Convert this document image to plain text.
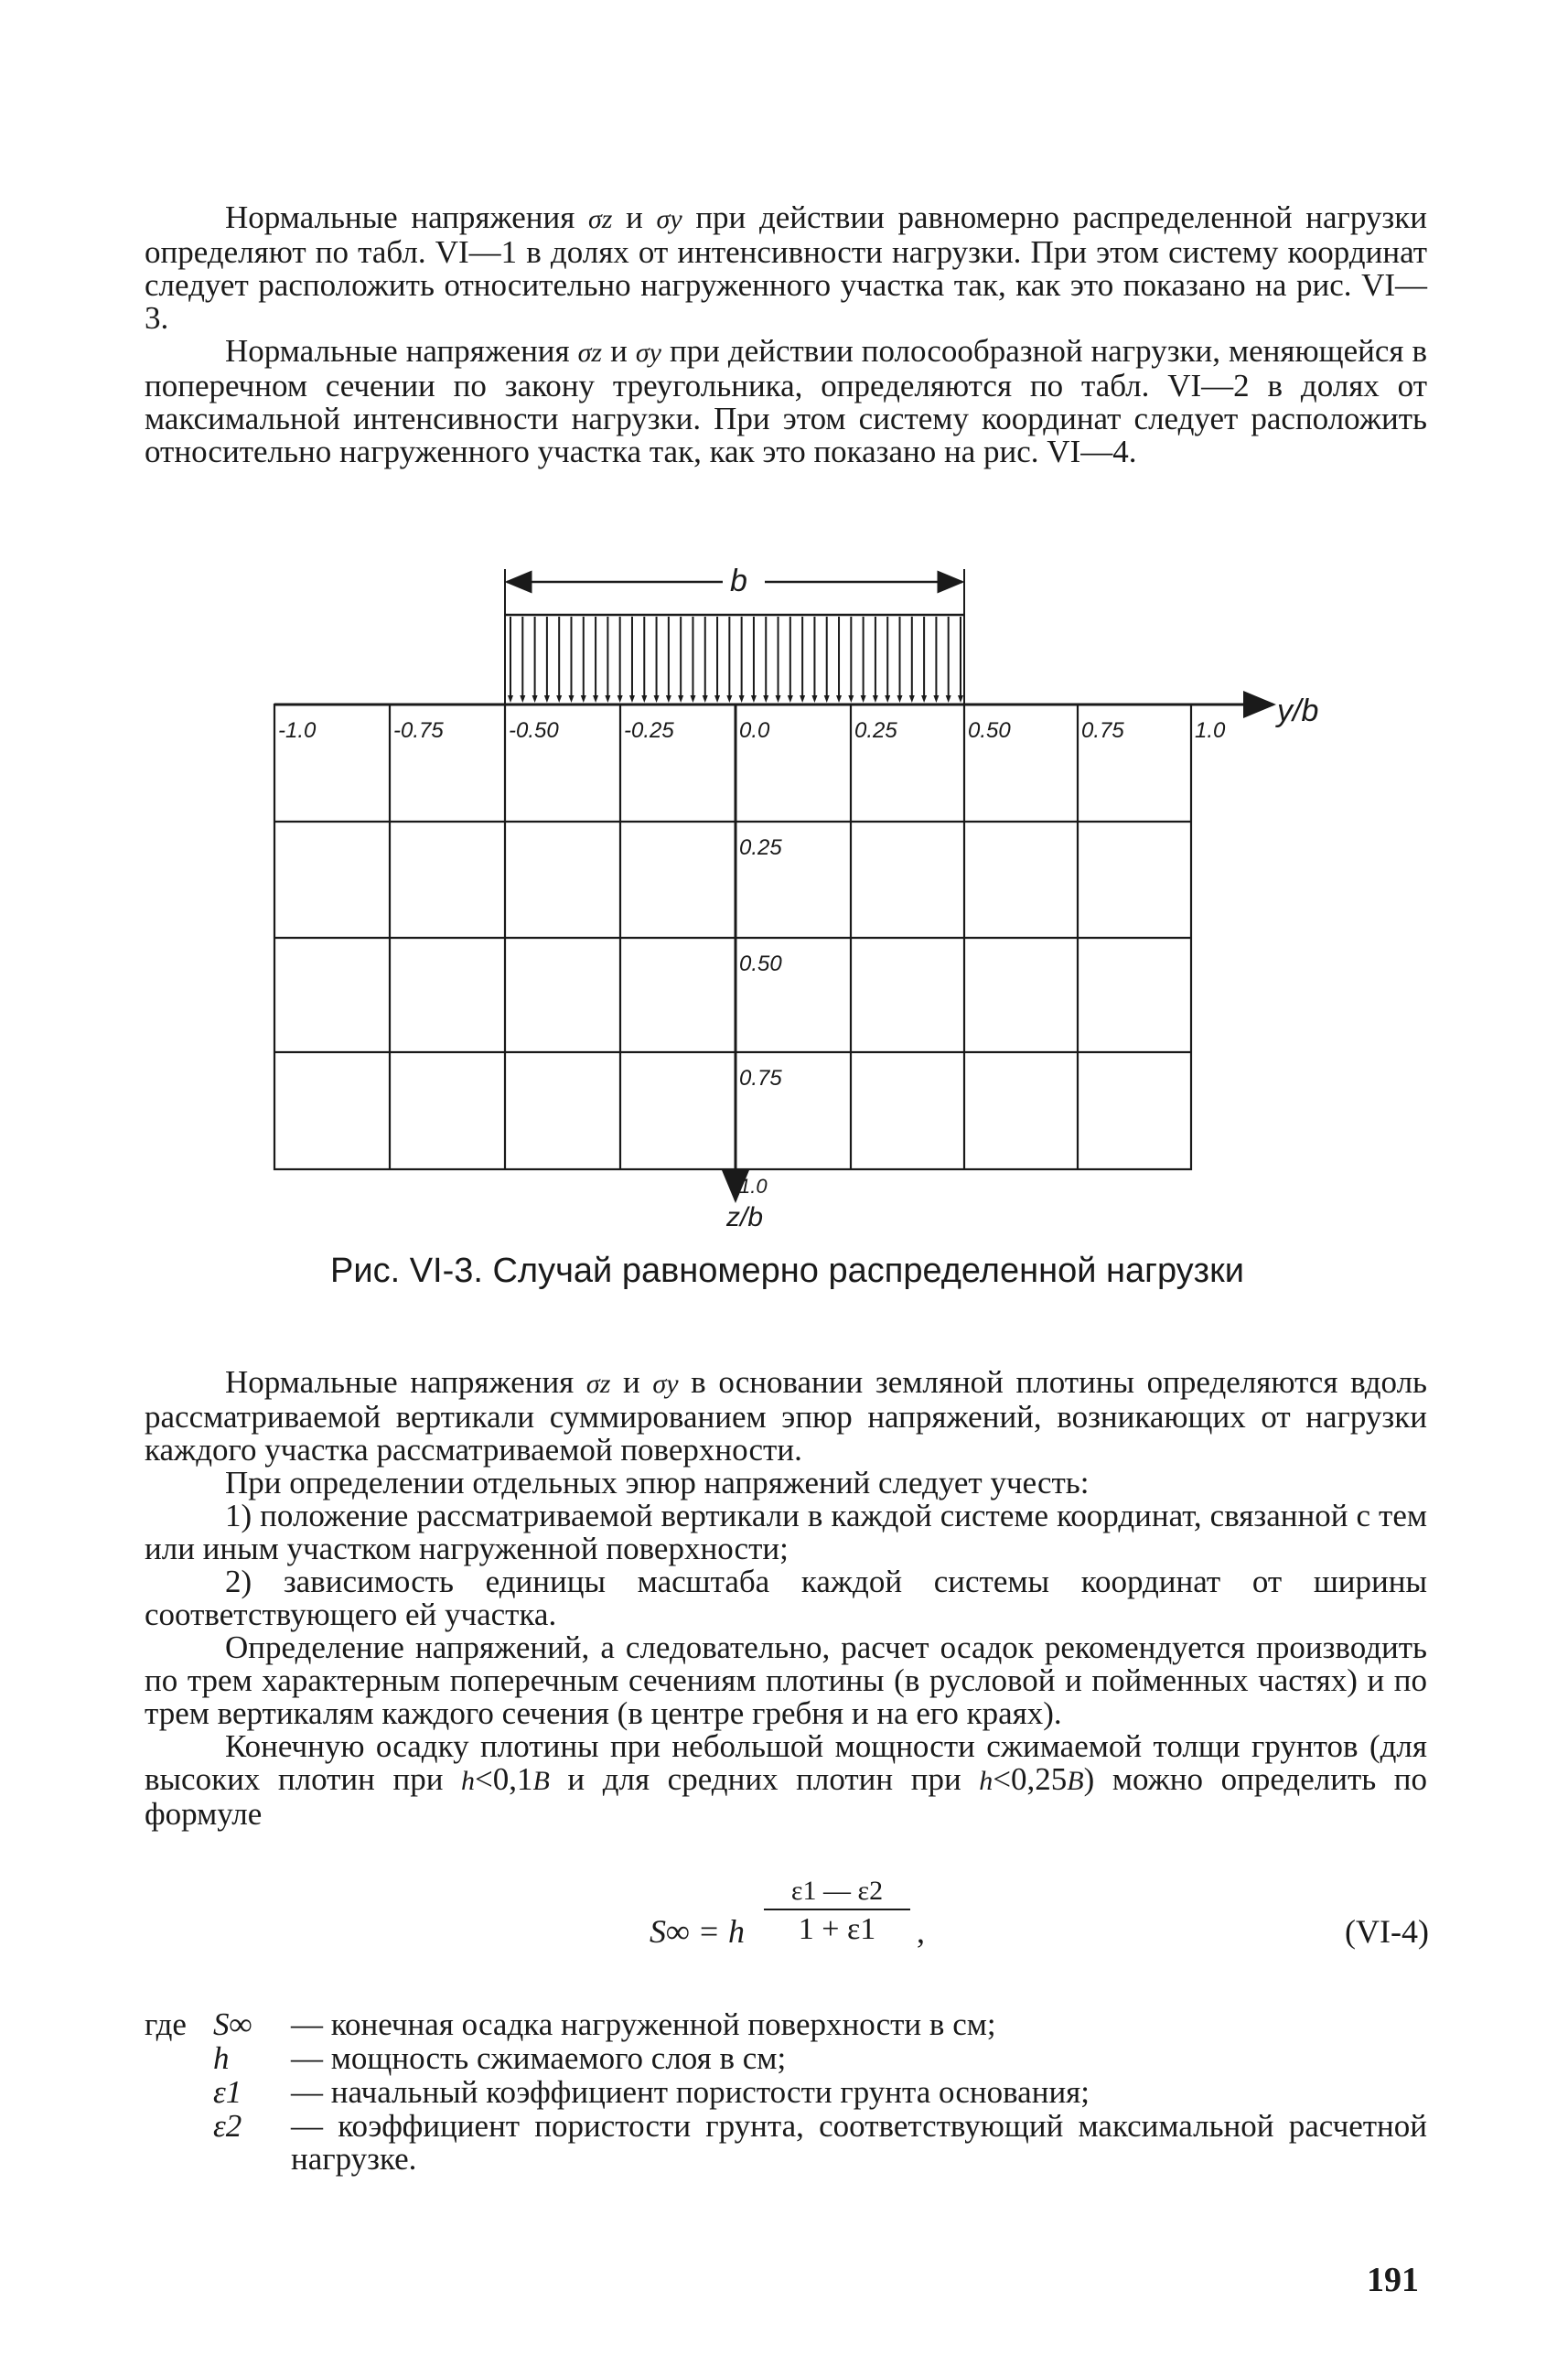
Нормальные напряжения σz и σy при действии равномерно распределенной нагрузки определяют по табл. VI—1 в долях от интенсивности нагрузки. При этом систему координат следует расположить относительно нагруженного участка так, как это показано на рис. VI—3.

Нормальные напряжения σz и σy при действии полосообразной нагрузки, меняющейся в поперечном сечении по закону треугольника, определяются по табл. VI—2 в долях от максимальной интенсивности нагрузки. При этом систему координат следует расположить относительно нагруженного участка так, как это показано на рис. VI—4.

b
y/b
z/b
-1.0	-0.75	-0.50	-0.25	0.0	0.25	0.50	0.75	1.0
0.25
0.50
0.75
1.0
Рис. VI-3. Случай равномерно распределенной нагрузки

Нормальные напряжения σz и σy в основании земляной плотины определяются вдоль рассматриваемой вертикали суммированием эпюр напряжений, возникающих от нагрузки каждого участка рассматриваемой поверхности.

При определении отдельных эпюр напряжений следует учесть:

1) положение рассматриваемой вертикали в каждой системе координат, связанной с тем или иным участком нагруженной поверхности;

2) зависимость единицы масштаба каждой системы координат от ширины соответствующего ей участка.

Определение напряжений, а следовательно, расчет осадок рекомендуется производить по трем характерным поперечным сечениям плотины (в русловой и пойменных частях) и по трем вертикалям каждого сечения (в центре гребня и на его краях).

Конечную осадку плотины при небольшой мощности сжимаемой толщи грунтов (для высоких плотин при h<0,1B и для средних плотин при h<0,25B) можно определить по формуле

S∞ = h $\frac{\varepsilon 1 — \varepsilon 2}{1 + \varepsilon 1}$ ,	(VI-4)
где S∞ — конечная осадка нагруженной поверхности в см;
h — мощность сжимаемого слоя в см;
ε1 — начальный коэффициент пористости грунта основания;
ε2 — коэффициент пористости грунта, соответствующий максимальной расчетной нагрузке.
191
